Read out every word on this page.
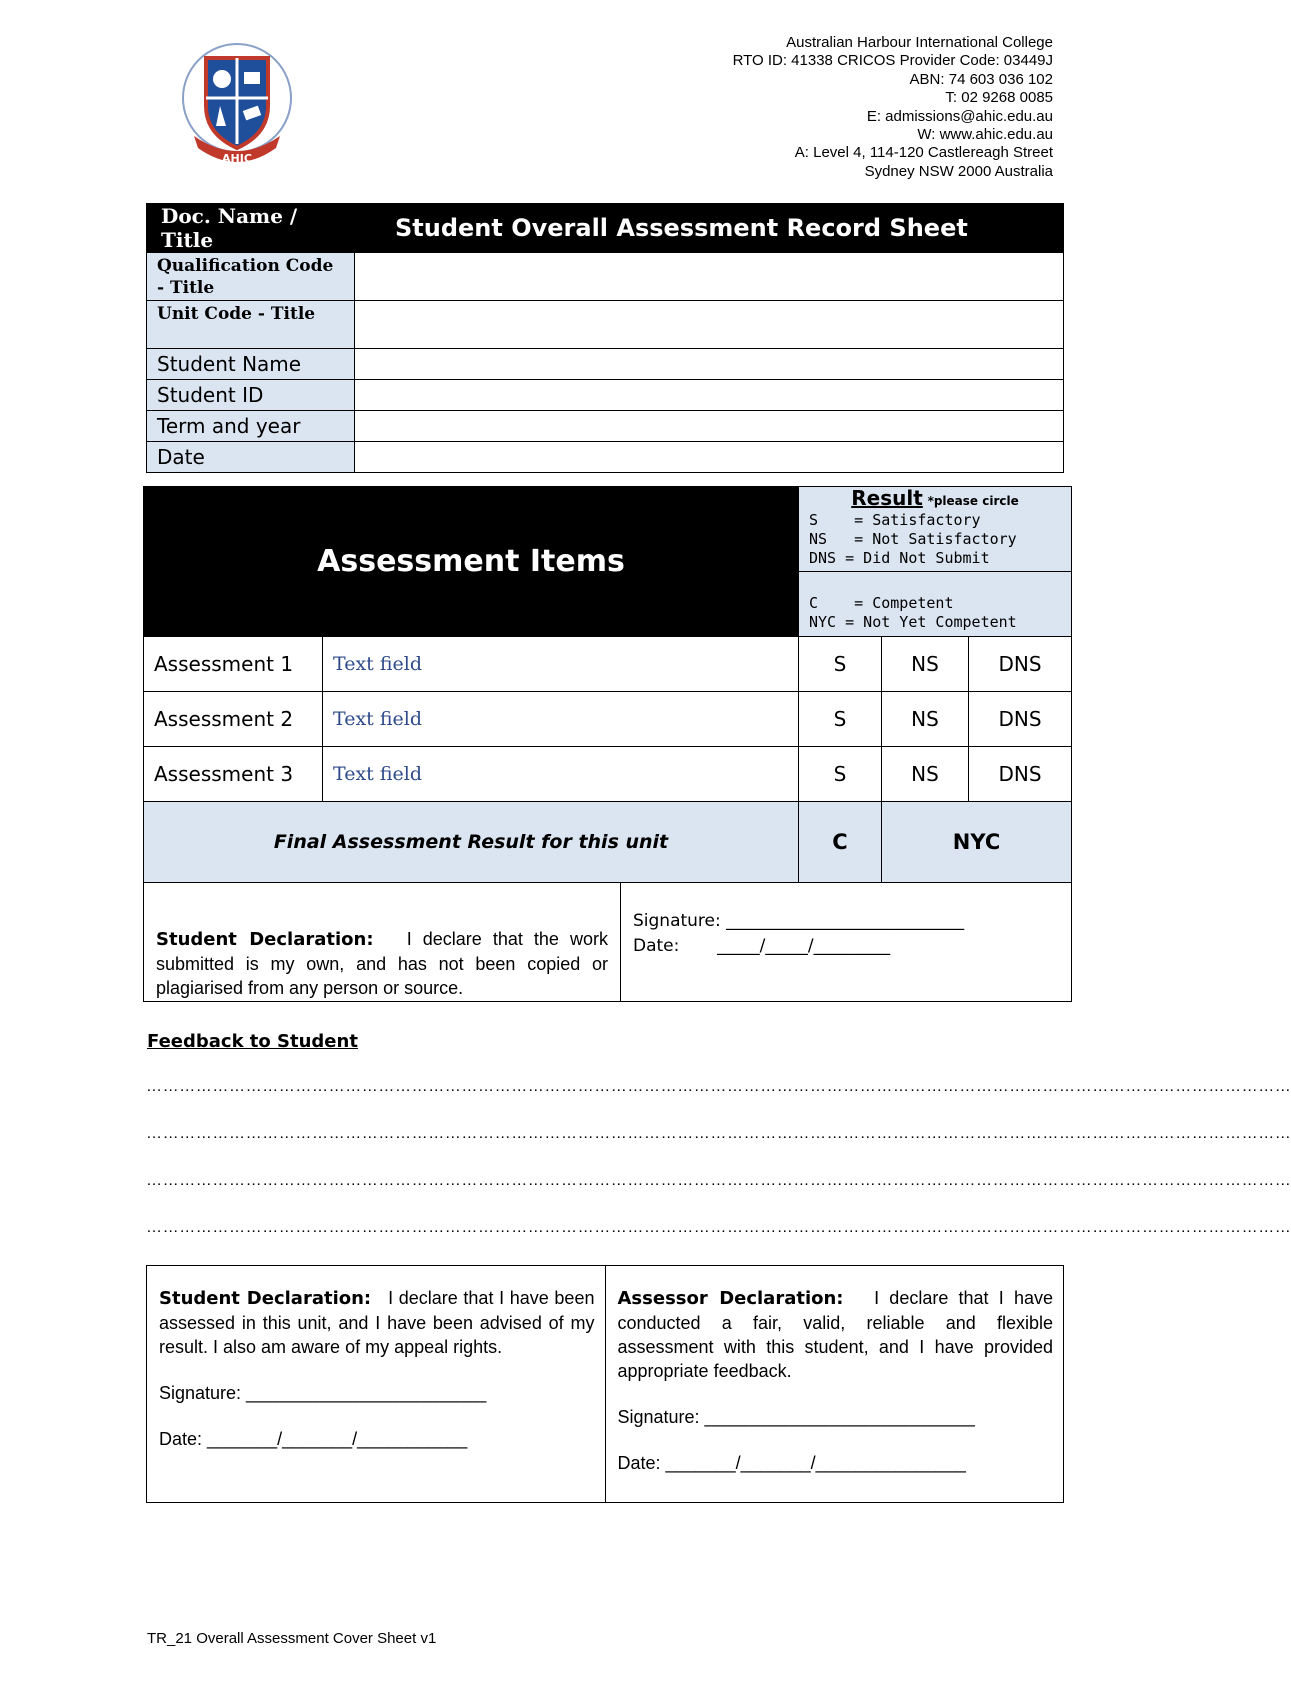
AHIC
Australian Harbour International College
RTO ID: 41338 CRICOS Provider Code: 03449J
ABN: 74 603 036 102
T: 02 9268 0085
E: admissions@ahic.edu.au
W: www.ahic.edu.au
A: Level 4, 114-120 Castlereagh Street
Sydney NSW 2000 Australia
Doc. Name / Title	Student Overall Assessment Record Sheet
Qualification Code - Title	
Unit Code - Title	
Student Name	
Student ID	
Term and year	
Date	
Assessment Items			Result *please circle
S    = Satisfactory
NS   = Not Satisfactory
DNS = Did Not Submit		

			C    = Competent
NYC = Not Yet Competent		

Assessment 1	Text field		S	NS	DNS
Assessment 2	Text field		S	NS	DNS
Assessment 3	Text field		S	NS	DNS
Final Assessment Result for this unit			C	NYC	
Student Declaration: I declare that the work submitted is my own, and has not been copied or plagiarised from any person or source.		Signature: ____________________________
Date:       _____/_____/_________			
Feedback to Student
………………………………………………………………………………………………………………………………………………………………………………………
………………………………………………………………………………………………………………………………………………………………………………………
………………………………………………………………………………………………………………………………………………………………………………………
………………………………………………………………………………………………………………………………………………………………………………………
Student Declaration: I declare that I have been assessed in this unit, and I have been advised of my result. I also am aware of my appeal rights.
Signature: ________________________
Date: _______/_______/___________

Assessor Declaration: I declare that I have conducted a fair, valid, reliable and flexible assessment with this student, and I have provided appropriate feedback.
Signature: ___________________________
Date: _______/_______/_______________
TR_21 Overall Assessment Cover Sheet v1
